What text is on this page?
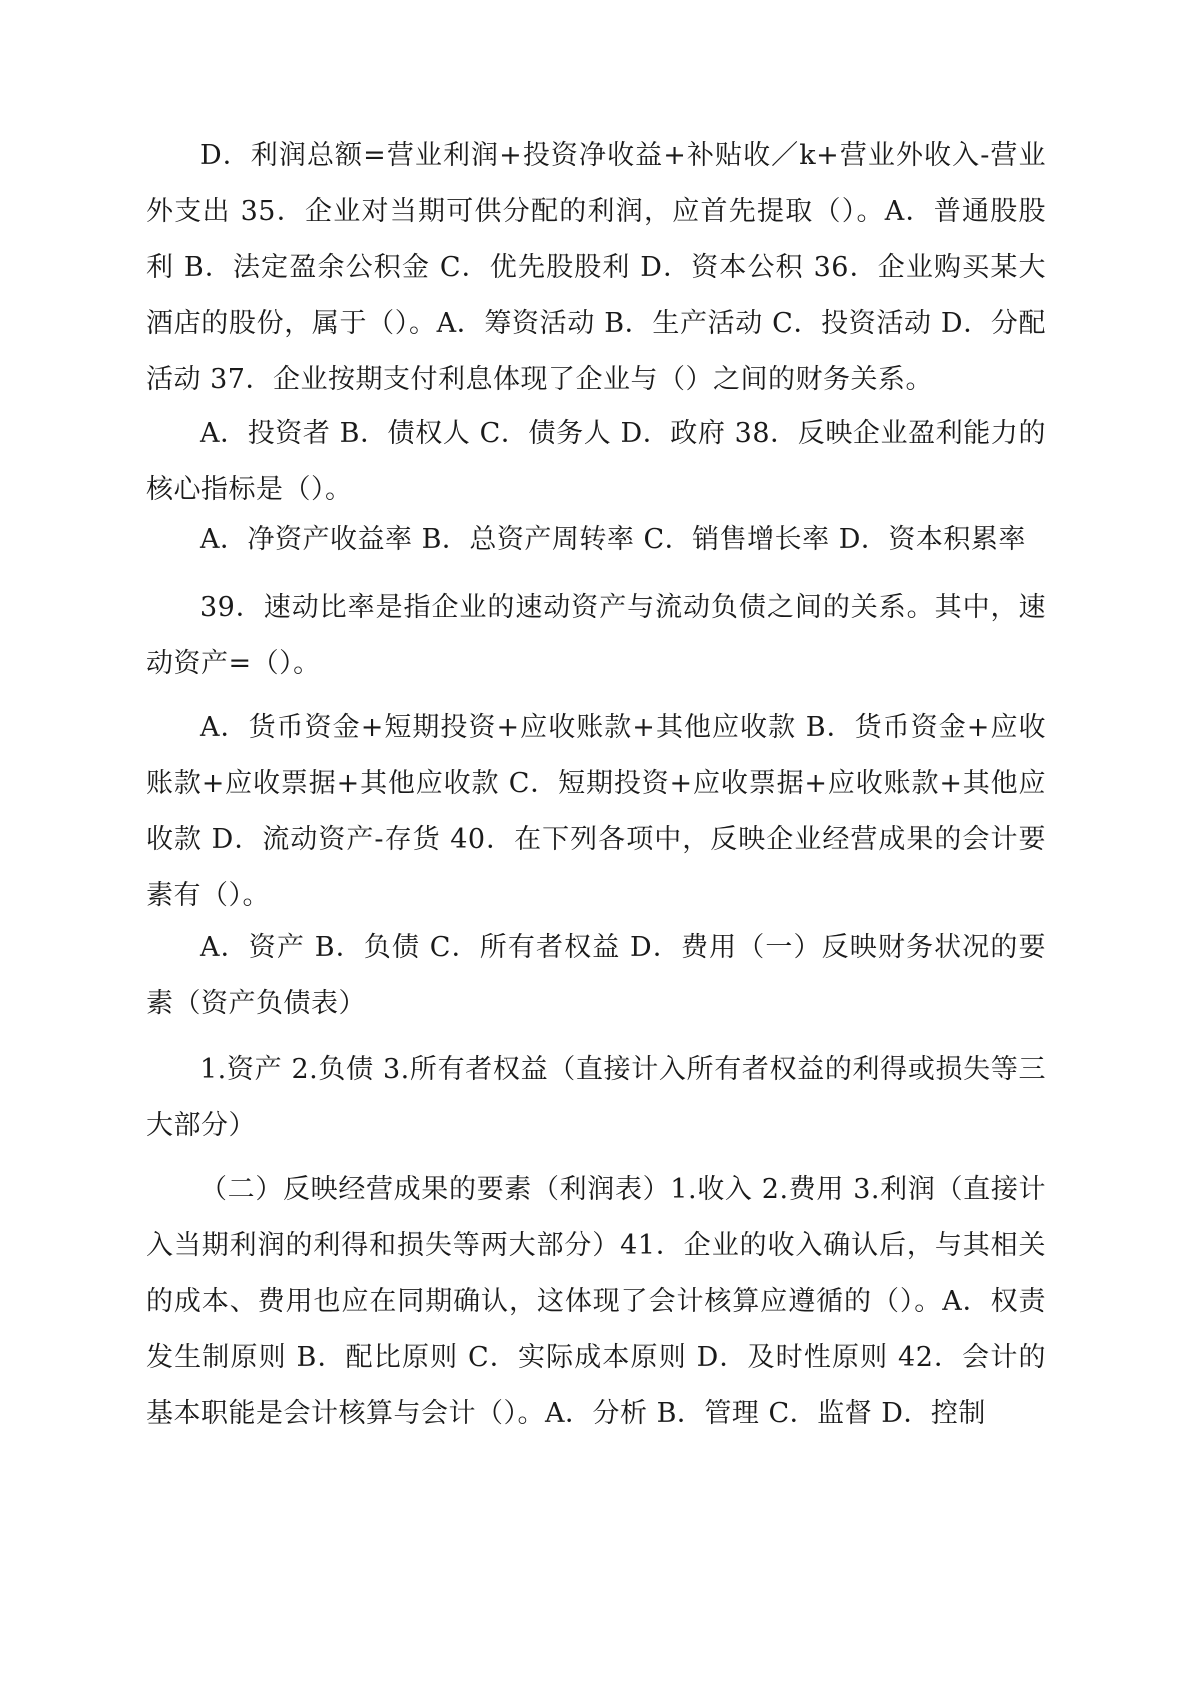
D．利润总额=营业利润+投资净收益+补贴收／k+营业外收入-营业外支出 35．企业对当期可供分配的利润，应首先提取（）。A．普通股股利 B．法定盈余公积金 C．优先股股利 D．资本公积 36．企业购买某大酒店的股份，属于（）。A．筹资活动 B．生产活动 C．投资活动 D．分配活动 37．企业按期支付利息体现了企业与（）之间的财务关系。

A．投资者 B．债权人 C．债务人 D．政府 38．反映企业盈利能力的核心指标是（）。

A．净资产收益率 B．总资产周转率 C．销售增长率 D．资本积累率

39．速动比率是指企业的速动资产与流动负债之间的关系。其中，速动资产=（）。

A．货币资金+短期投资+应收账款+其他应收款 B．货币资金+应收账款+应收票据+其他应收款 C．短期投资+应收票据+应收账款+其他应收款 D．流动资产-存货 40．在下列各项中，反映企业经营成果的会计要素有（）。

A．资产 B．负债 C．所有者权益 D．费用（一）反映财务状况的要素（资产负债表）

1.资产 2.负债 3.所有者权益（直接计入所有者权益的利得或损失等三大部分）

（二）反映经营成果的要素（利润表）1.收入 2.费用 3.利润（直接计入当期利润的利得和损失等两大部分）41．企业的收入确认后，与其相关的成本、费用也应在同期确认，这体现了会计核算应遵循的（）。A．权责发生制原则 B．配比原则 C．实际成本原则 D．及时性原则 42．会计的基本职能是会计核算与会计（）。A．分析 B．管理 C．监督 D．控制
